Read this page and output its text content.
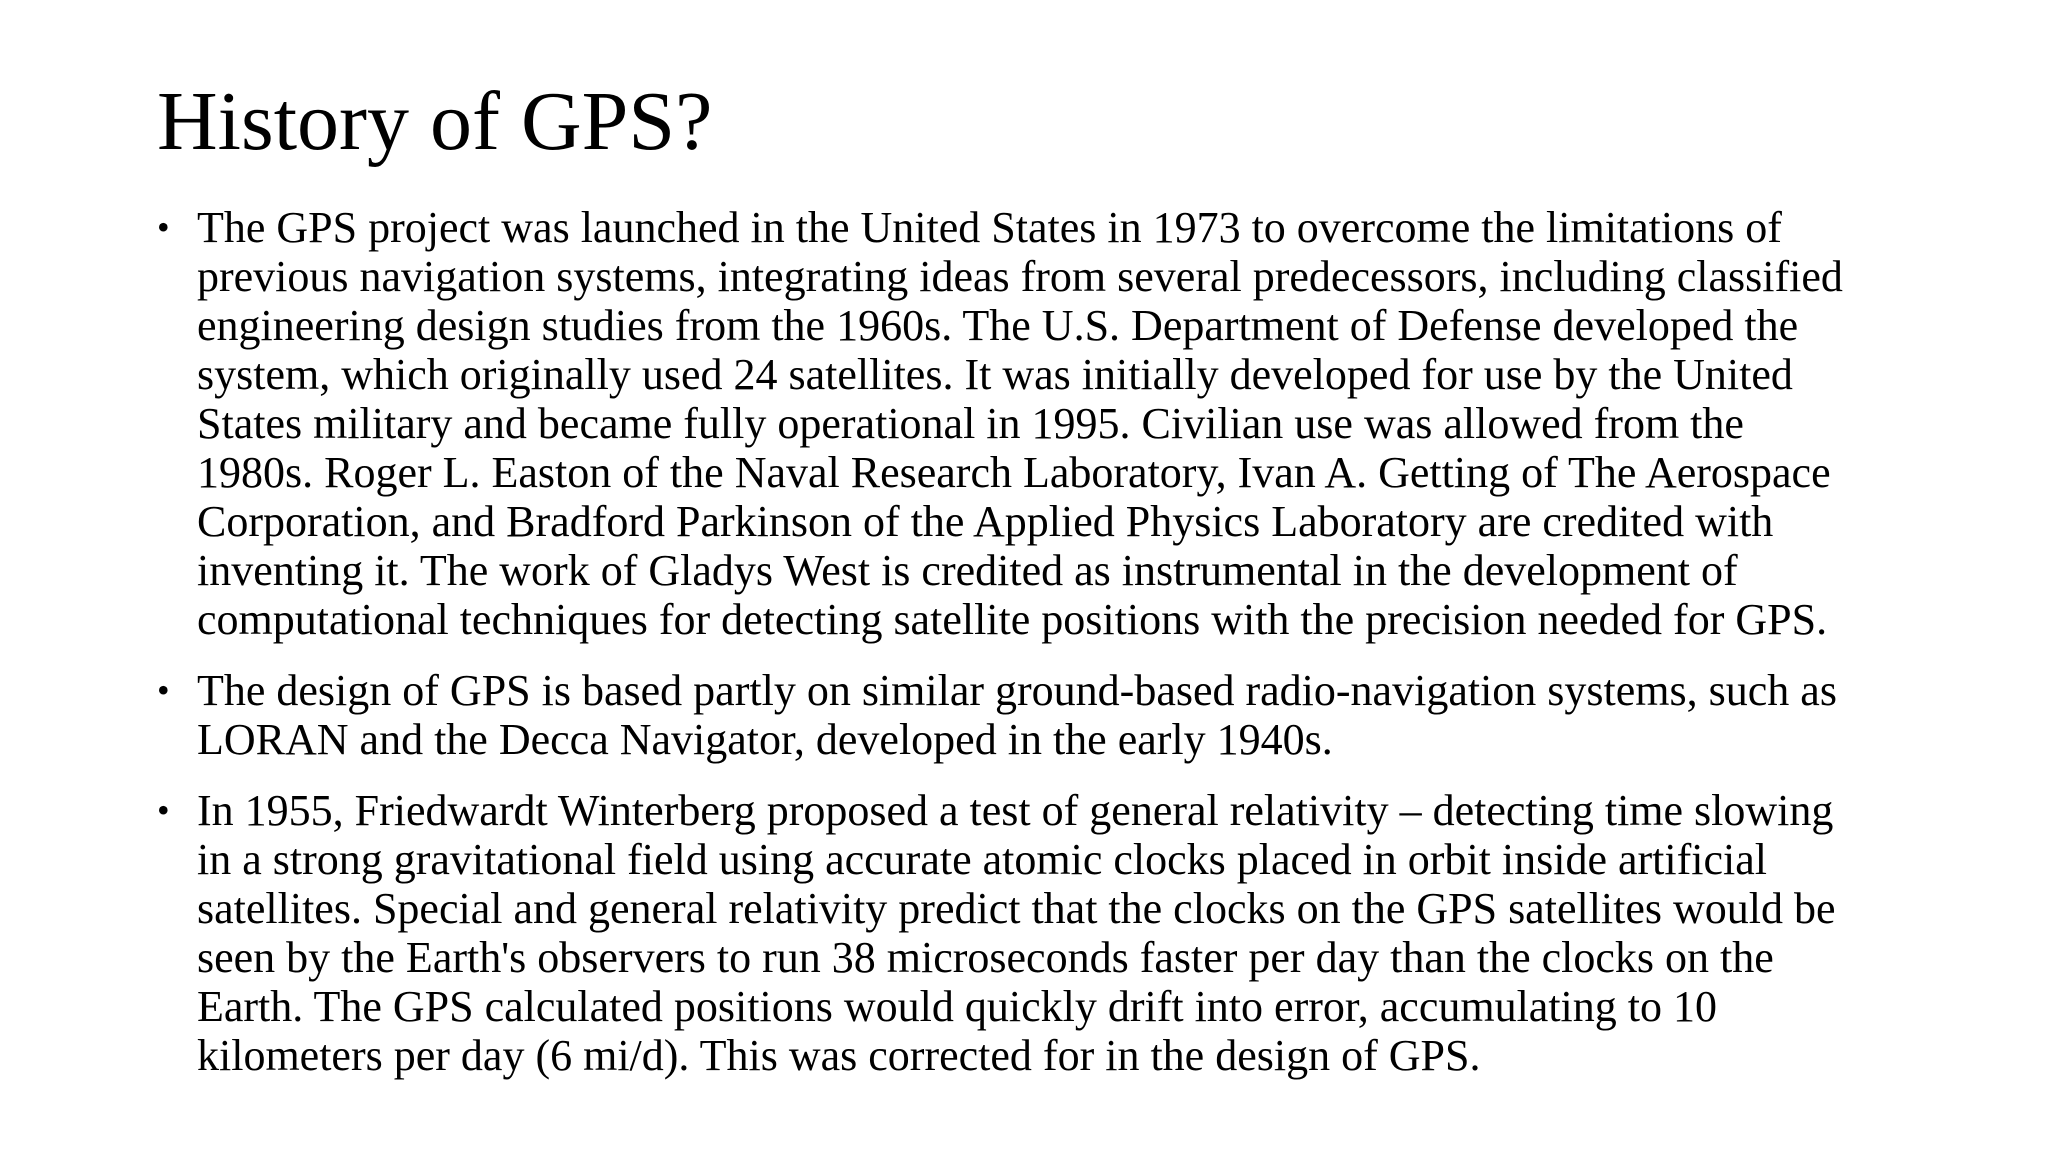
History of GPS?
• The GPS project was launched in the United States in 1973 to overcome the limitations of
previous navigation systems, integrating ideas from several predecessors, including classified
engineering design studies from the 1960s. The U.S. Department of Defense developed the
system, which originally used 24 satellites. It was initially developed for use by the United
States military and became fully operational in 1995. Civilian use was allowed from the
1980s. Roger L. Easton of the Naval Research Laboratory, Ivan A. Getting of The Aerospace
Corporation, and Bradford Parkinson of the Applied Physics Laboratory are credited with
inventing it. The work of Gladys West is credited as instrumental in the development of
computational techniques for detecting satellite positions with the precision needed for GPS.
• The design of GPS is based partly on similar ground-based radio-navigation systems, such as
LORAN and the Decca Navigator, developed in the early 1940s.
• In 1955, Friedwardt Winterberg proposed a test of general relativity – detecting time slowing
in a strong gravitational field using accurate atomic clocks placed in orbit inside artificial
satellites. Special and general relativity predict that the clocks on the GPS satellites would be
seen by the Earth's observers to run 38 microseconds faster per day than the clocks on the
Earth. The GPS calculated positions would quickly drift into error, accumulating to 10
kilometers per day (6 mi/d). This was corrected for in the design of GPS.
